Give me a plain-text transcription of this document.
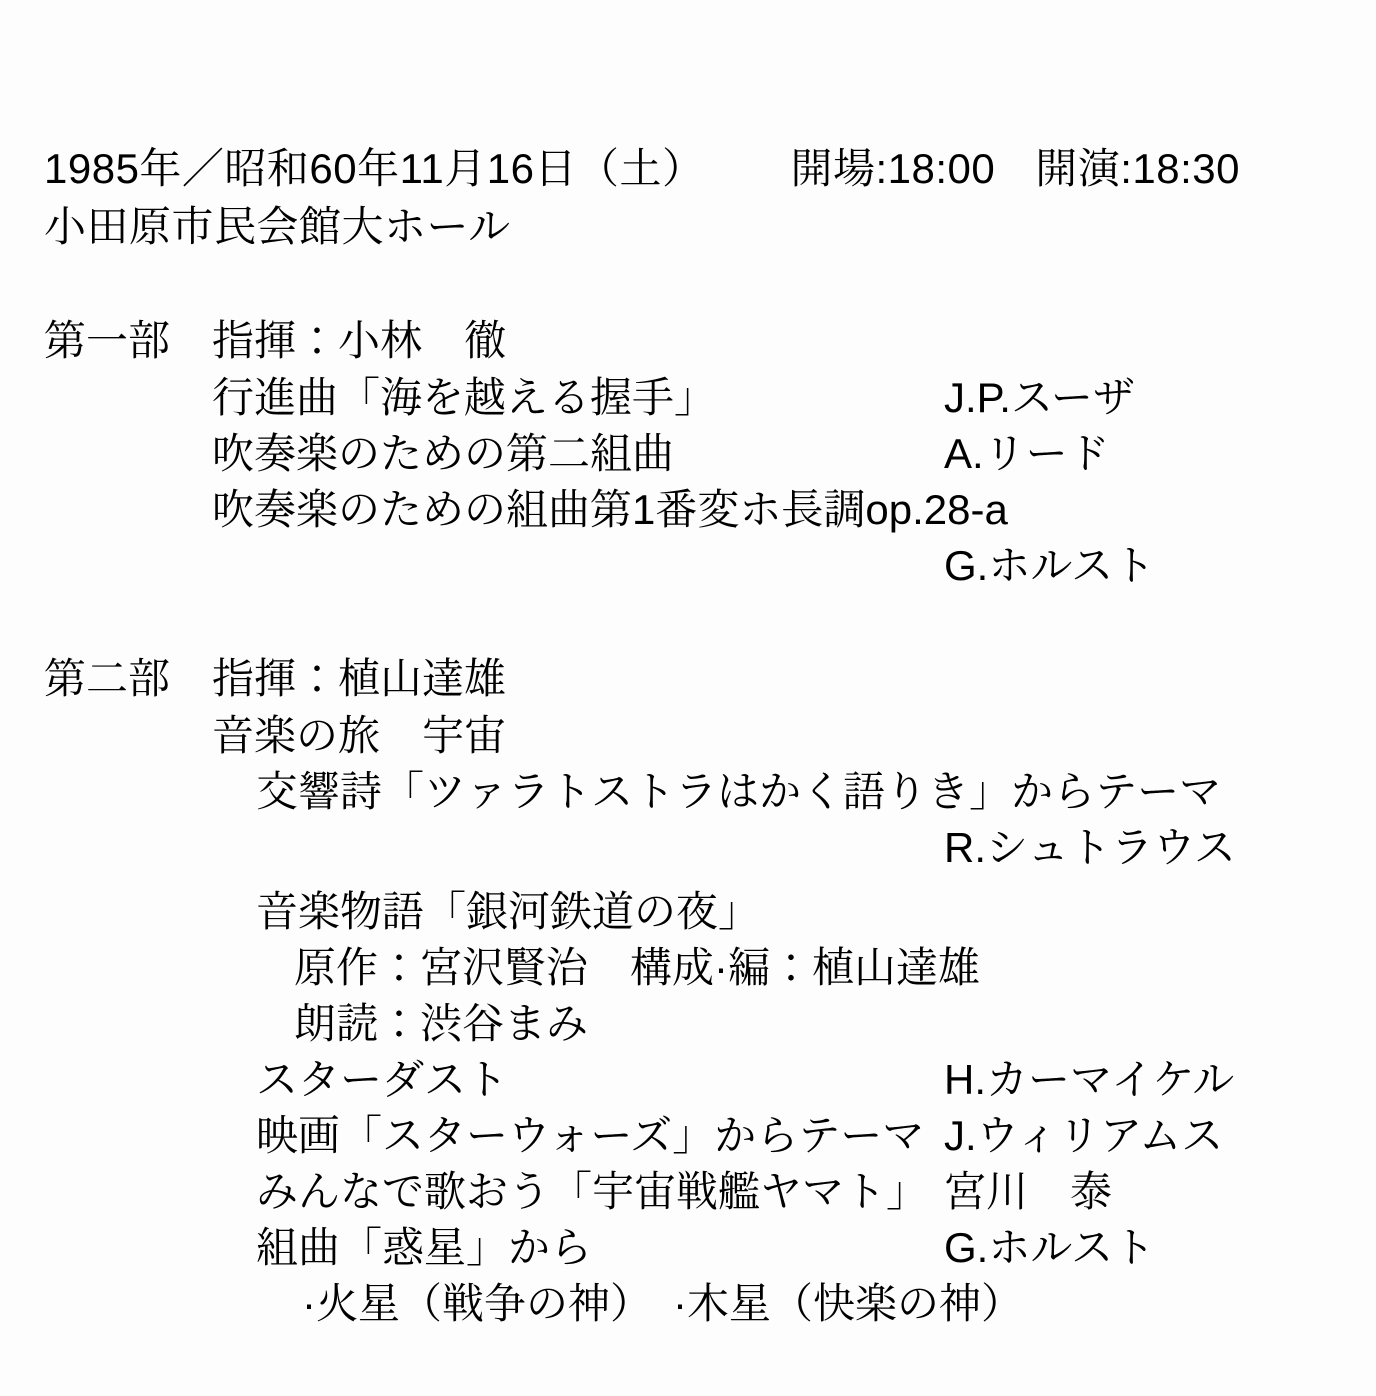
1985年／昭和60年11月16日（土） 開場:18:00 開演:18:30
小田原市民会館大ホール
第一部 指揮：小林　徹
行進曲「海を越える握手」	J.P.スーザ
吹奏楽のための第二組曲	A.リード
吹奏楽のための組曲第1番変ホ長調op.28-a
G.ホルスト
第二部 指揮：植山達雄
音楽の旅　宇宙
交響詩「ツァラトストラはかく語りき」からテーマ
R.シュトラウス
音楽物語「銀河鉄道の夜」
原作：宮沢賢治　構成·編：植山達雄
朗読：渋谷まみ
スターダスト	H.カーマイケル
映画「スターウォーズ」からテーマ J.ウィリアムス
みんなで歌おう「宇宙戦艦ヤマト」 宮川　泰
組曲「惑星」から	G.ホルスト
·火星（戦争の神）　·木星（快楽の神）
